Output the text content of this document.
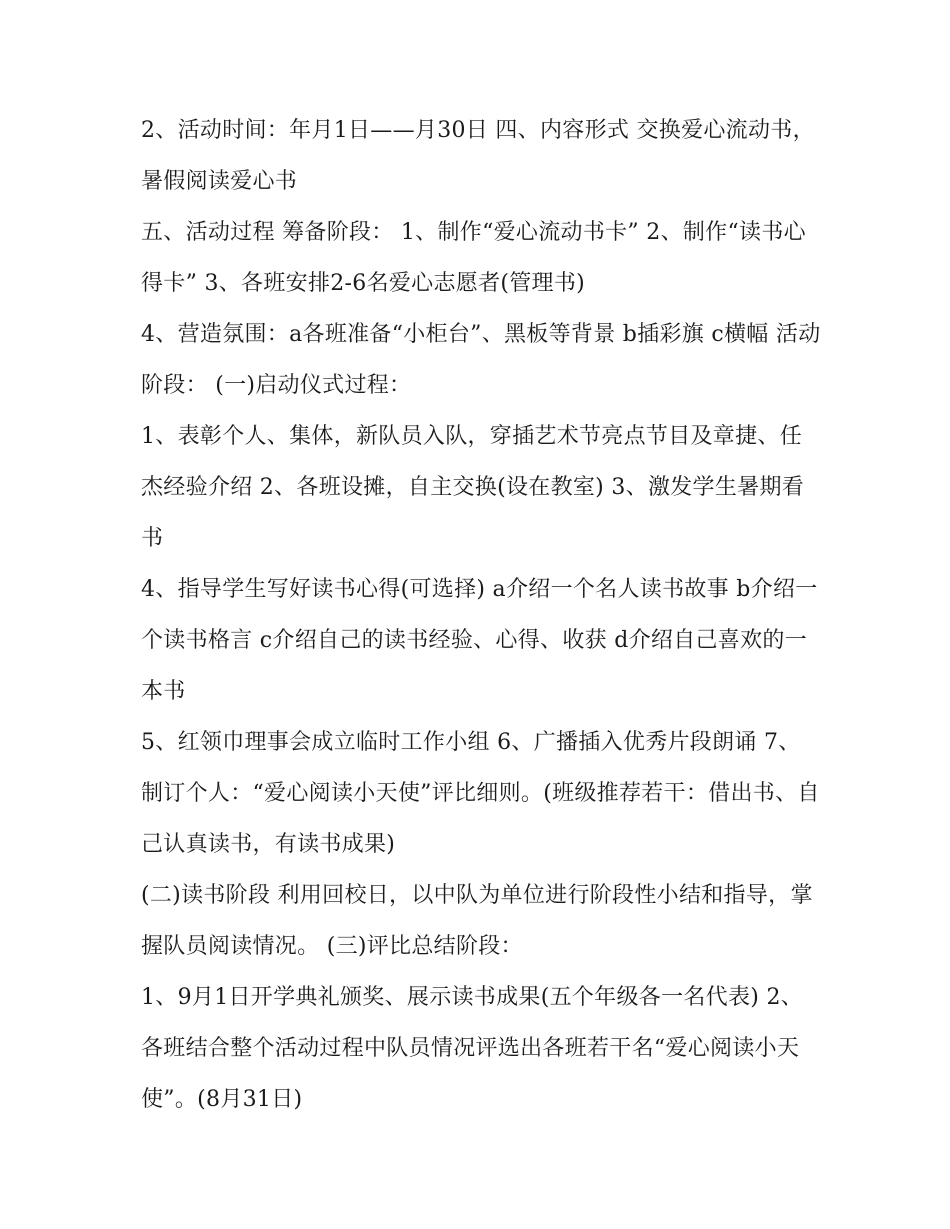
2、活动时间：年月1日——月30日 四、内容形式 交换爱心流动书，暑假阅读爱心书

五、活动过程 筹备阶段： 1、制作“爱心流动书卡” 2、制作“读书心得卡” 3、各班安排2-6名爱心志愿者(管理书)

4、营造氛围：a各班准备“小柜台”、黑板等背景 b插彩旗 c横幅 活动阶段： (一)启动仪式过程：

1、表彰个人、集体，新队员入队，穿插艺术节亮点节目及章捷、任杰经验介绍 2、各班设摊，自主交换(设在教室) 3、激发学生暑期看书

4、指导学生写好读书心得(可选择) a介绍一个名人读书故事 b介绍一个读书格言 c介绍自己的读书经验、心得、收获 d介绍自己喜欢的一本书

5、红领巾理事会成立临时工作小组 6、广播插入优秀片段朗诵 7、制订个人：“爱心阅读小天使”评比细则。(班级推荐若干：借出书、自己认真读书，有读书成果)

(二)读书阶段 利用回校日，以中队为单位进行阶段性小结和指导，掌握队员阅读情况。 (三)评比总结阶段：

1、9月1日开学典礼颁奖、展示读书成果(五个年级各一名代表) 2、各班结合整个活动过程中队员情况评选出各班若干名“爱心阅读小天使”。(8月31日)
